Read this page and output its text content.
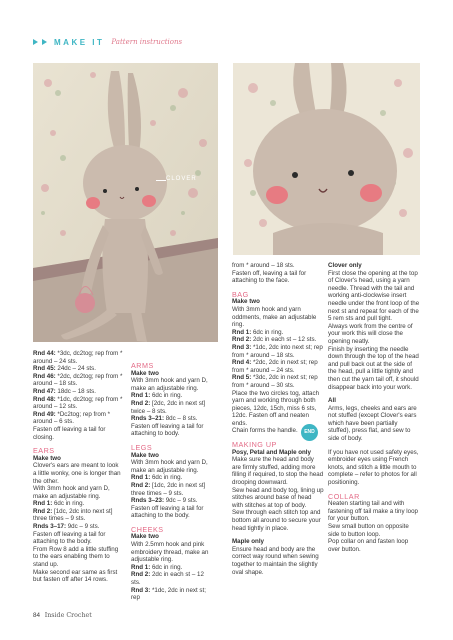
MAKE IT Pattern instructions
CLOVER

Rnd 44: *3dc, dc2tog; rep from * around – 24 sts.

Rnd 45: 24dc – 24 sts.

Rnd 46: *2dc, dc2tog; rep from * around – 18 sts.

Rnd 47: 18dc – 18 sts.

Rnd 48: *1dc, dc2tog; rep from * around – 12 sts.

Rnd 49: *Dc2tog; rep from * around – 6 sts.

Fasten off leaving a tail for closing.

EARS

Make two

Clover's ears are meant to look a little wonky, one is longer than the other.

With 3mm hook and yarn D, make an adjustable ring.

Rnd 1: 6dc in ring.

Rnd 2: [1dc, 2dc into next st] three times – 9 sts.

Rnds 3–17: 9dc – 9 sts.

Fasten off leaving a tail for attaching to the body.

From Row 8 add a little stuffing to the ears enabling them to stand up.

Make second ear same as first but fasten off after 14 rows.

ARMS

Make two

With 3mm hook and yarn D, make an adjustable ring.

Rnd 1: 6dc in ring.

Rnd 2: [2dc, 2dc in next st] twice – 8 sts.

Rnds 3–21: 8dc – 8 sts.

Fasten off leaving a tail for attaching to body.

LEGS

Make two

With 3mm hook and yarn D, make an adjustable ring.

Rnd 1: 6dc in ring.

Rnd 2: [1dc, 2dc in next st] three times – 9 sts.

Rnds 3–23: 9dc – 9 sts.

Fasten off leaving a tail for attaching to the body.

CHEEKS

Make two

With 2.5mm hook and pink embroidery thread, make an adjustable ring.

Rnd 1: 6dc in ring.

Rnd 2: 2dc in each st – 12 sts.

Rnd 3: *1dc, 2dc in next st; rep

from * around – 18 sts.

Fasten off, leaving a tail for attaching to the face.

BAG

Make two

With 3mm hook and yarn oddments, make an adjustable ring.

Rnd 1: 6dc in ring.

Rnd 2: 2dc in each st – 12 sts.

Rnd 3: *1dc, 2dc into next st; rep from * around – 18 sts.

Rnd 4: *2dc, 2dc in next st; rep from * around – 24 sts.

Rnd 5: *3dc, 2dc in next st; rep from * around – 30 sts.

Place the two circles tog, attach yarn and working through both pieces, 12dc, 15ch, miss 6 sts, 12dc. Fasten off and neaten ends.

Chain forms the handle.

MAKING UP

Posy, Petal and Maple only

Make sure the head and body are firmly stuffed, adding more filling if required, to stop the head drooping downward.

Sew head and body tog, lining up stitches around base of head with stitches at top of body.

Sew through each stitch top and bottom all around to secure your head tightly in place.

Maple only

Ensure head and body are the correct way round when sewing together to maintain the slightly oval shape.

END

Clover only

First close the opening at the top of Clover's head, using a yarn needle. Thread with the tail and working anti-clockwise insert needle under the front loop of the next st and repeat for each of the 5 rem sts and pull tight.

Always work from the centre of your work this will close the opening neatly.

Finish by inserting the needle down through the top of the head and pull back out at the side of the head, pull a little tightly and then cut the yarn tail off, it should disappear back into your work.

All

Arms, legs, cheeks and ears are not stuffed (except Clover's ears which have been partially stuffed), press flat, and sew to side of body.

If you have not used safety eyes, embroider eyes using French knots, and stitch a little mouth to complete – refer to photos for all positioning.

COLLAR

Neaten starting tail and with fastening off tail make a tiny loop for your button.

Sew small button on opposite side to button loop.

Pop collar on and fasten loop over button.

84 Inside Crochet
